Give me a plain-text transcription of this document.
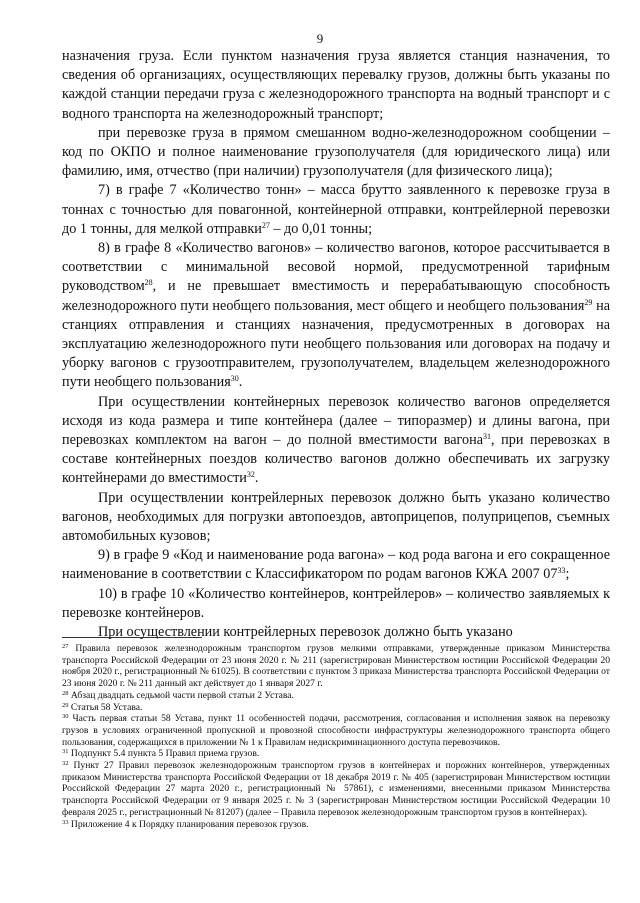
9

назначения груза. Если пунктом назначения груза является станция назначения, то сведения об организациях, осуществляющих перевалку грузов, должны быть указаны по каждой станции передачи груза с железнодорожного транспорта на водный транспорт и с водного транспорта на железнодорожный транспорт;

при перевозке груза в прямом смешанном водно-железнодорожном сообщении – код по ОКПО и полное наименование грузополучателя (для юридического лица) или фамилию, имя, отчество (при наличии) грузополучателя (для физического лица);

7) в графе 7 «Количество тонн» – масса брутто заявленного к перевозке груза в тоннах с точностью для повагонной, контейнерной отправки, контрейлерной перевозки до 1 тонны, для мелкой отправки$^{27}$ – до 0,01 тонны;

8) в графе 8 «Количество вагонов» – количество вагонов, которое рассчитывается в соответствии с минимальной весовой нормой, предусмотренной тарифным руководством$^{28}$, и не превышает вместимость и перерабатывающую способность железнодорожного пути необщего пользования, мест общего и необщего пользования$^{29}$ на станциях отправления и станциях назначения, предусмотренных в договорах на эксплуатацию железнодорожного пути необщего пользования или договорах на подачу и уборку вагонов с грузоотправителем, грузополучателем, владельцем железнодорожного пути необщего пользования$^{30}$.

При осуществлении контейнерных перевозок количество вагонов определяется исходя из кода размера и типе контейнера (далее – типоразмер) и длины вагона, при перевозках комплектом на вагон – до полной вместимости вагона$^{31}$, при перевозках в составе контейнерных поездов количество вагонов должно обеспечивать их загрузку контейнерами до вместимости$^{32}$.

При осуществлении контрейлерных перевозок должно быть указано количество вагонов, необходимых для погрузки автопоездов, автоприцепов, полуприцепов, съемных автомобильных кузовов;

9) в графе 9 «Код и наименование рода вагона» – код рода вагона и его сокращенное наименование в соответствии с Классификатором по родам вагонов КЖА 2007 $07^{33}$;

10) в графе 10 «Количество контейнеров, контрейлеров» – количество заявляемых к перевозке контейнеров.

При осуществлении контрейлерных перевозок должно быть указано

$^{27}$ Правила перевозок железнодорожным транспортом грузов мелкими отправками, утвержденные приказом Министерства транспорта Российской Федерации от 23 июня 2020 г. № 211 (зарегистрирован Министерством юстиции Российской Федерации 20 ноября 2020 г., регистрационный № 61025). В соответствии с пунктом 3 приказа Министерства транспорта Российской Федерации от 23 июня 2020 г. № 211 данный акт действует до 1 января 2027 г.

$^{28}$ Абзац двадцать седьмой части первой статьи 2 Устава.

$^{29}$ Статья 58 Устава.

$^{30}$ Часть первая статьи 58 Устава, пункт 11 особенностей подачи, рассмотрения, согласования и исполнения заявок на перевозку грузов в условиях ограниченной пропускной и провозной способности инфраструктуры железнодорожного транспорта общего пользования, содержащихся в приложении № 1 к Правилам недискриминационного доступа перевозчиков.

$^{31}$ Подпункт 5.4 пункта 5 Правил приема грузов.

$^{32}$ Пункт 27 Правил перевозок железнодорожным транспортом грузов в контейнерах и порожних контейнеров, утвержденных приказом Министерства транспорта Российской Федерации от 18 декабря 2019 г. № 405 (зарегистрирован Министерством юстиции Российской Федерации 27 марта 2020 г., регистрационный № 57861), с изменениями, внесенными приказом Министерства транспорта Российской Федерации от 9 января 2025 г. № 3 (зарегистрирован Министерством юстиции Российской Федерации 10 февраля 2025 г., регистрационный № 81207) (далее – Правила перевозок железнодорожным транспортом грузов в контейнерах).

$^{33}$ Приложение 4 к Порядку планирования перевозок грузов.
